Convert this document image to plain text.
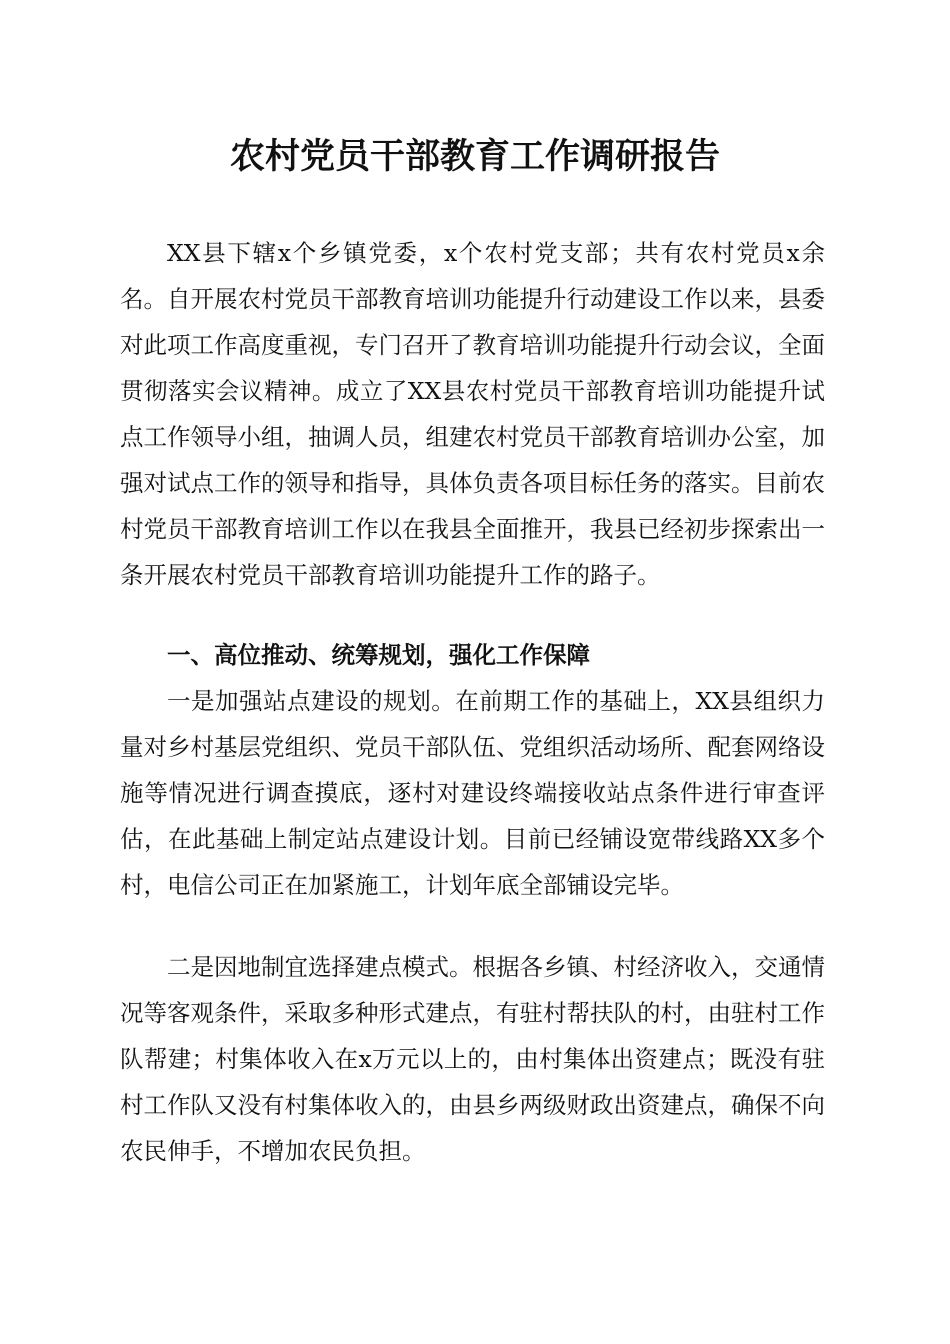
农村党员干部教育工作调研报告

XX县下辖x个乡镇党委，x个农村党支部；共有农村党员x余名。自开展农村党员干部教育培训功能提升行动建设工作以来，县委对此项工作高度重视，专门召开了教育培训功能提升行动会议，全面贯彻落实会议精神。成立了XX县农村党员干部教育培训功能提升试点工作领导小组，抽调人员，组建农村党员干部教育培训办公室，加强对试点工作的领导和指导，具体负责各项目标任务的落实。目前农村党员干部教育培训工作以在我县全面推开，我县已经初步探索出一条开展农村党员干部教育培训功能提升工作的路子。

一、高位推动、统筹规划，强化工作保障

一是加强站点建设的规划。在前期工作的基础上，XX县组织力量对乡村基层党组织、党员干部队伍、党组织活动场所、配套网络设施等情况进行调查摸底，逐村对建设终端接收站点条件进行审查评估，在此基础上制定站点建设计划。目前已经铺设宽带线路XX多个村，电信公司正在加紧施工，计划年底全部铺设完毕。

二是因地制宜选择建点模式。根据各乡镇、村经济收入，交通情况等客观条件，采取多种形式建点，有驻村帮扶队的村，由驻村工作队帮建；村集体收入在x万元以上的，由村集体出资建点；既没有驻村工作队又没有村集体收入的，由县乡两级财政出资建点，确保不向农民伸手，不增加农民负担。
